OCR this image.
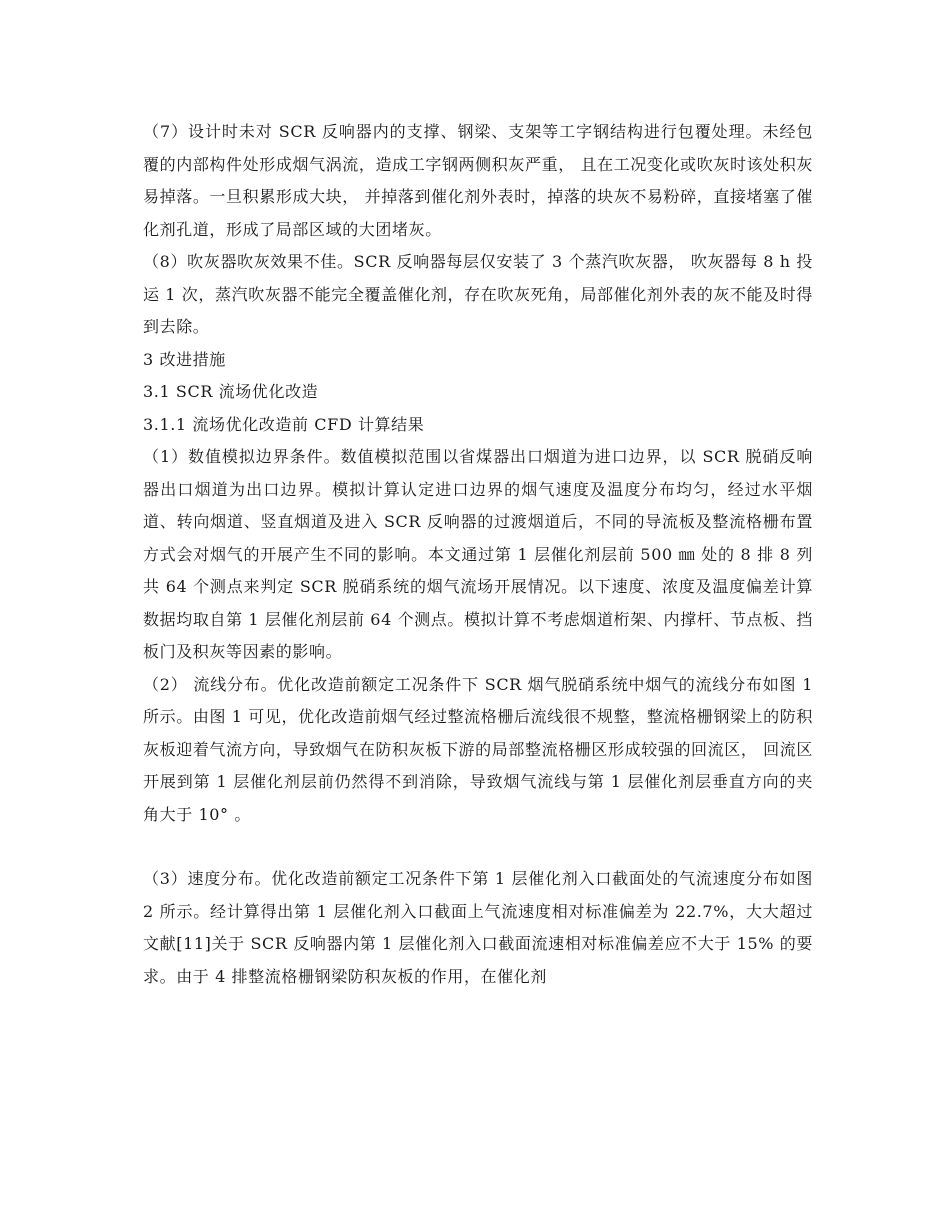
（7）设计时未对 SCR 反响器内的支撑、钢梁、支架等工字钢结构进行包覆处理。未经包覆的内部构件处形成烟气涡流，造成工字钢两侧积灰严重， 且在工况变化或吹灰时该处积灰易掉落。一旦积累形成大块， 并掉落到催化剂外表时，掉落的块灰不易粉碎，直接堵塞了催化剂孔道，形成了局部区域的大团堵灰。

（8）吹灰器吹灰效果不佳。SCR 反响器每层仅安装了 3 个蒸汽吹灰器， 吹灰器每 8 h 投运 1 次，蒸汽吹灰器不能完全覆盖催化剂，存在吹灰死角，局部催化剂外表的灰不能及时得到去除。

3 改进措施

3.1 SCR 流场优化改造

3.1.1 流场优化改造前 CFD 计算结果

（1）数值模拟边界条件。数值模拟范围以省煤器出口烟道为进口边界，以 SCR 脱硝反响器出口烟道为出口边界。模拟计算认定进口边界的烟气速度及温度分布均匀，经过水平烟道、转向烟道、竖直烟道及进入 SCR 反响器的过渡烟道后，不同的导流板及整流格栅布置方式会对烟气的开展产生不同的影响。本文通过第 1 层催化剂层前 500 ㎜ 处的 8 排 8 列共 64 个测点来判定 SCR 脱硝系统的烟气流场开展情况。以下速度、浓度及温度偏差计算数据均取自第 1 层催化剂层前 64 个测点。模拟计算不考虑烟道桁架、内撑杆、节点板、挡板门及积灰等因素的影响。

（2） 流线分布。优化改造前额定工况条件下 SCR 烟气脱硝系统中烟气的流线分布如图 1 所示。由图 1 可见，优化改造前烟气经过整流格栅后流线很不规整，整流格栅钢梁上的防积灰板迎着气流方向，导致烟气在防积灰板下游的局部整流格栅区形成较强的回流区， 回流区开展到第 1 层催化剂层前仍然得不到消除，导致烟气流线与第 1 层催化剂层垂直方向的夹角大于 10° 。

（3）速度分布。优化改造前额定工况条件下第 1 层催化剂入口截面处的气流速度分布如图 2 所示。经计算得出第 1 层催化剂入口截面上气流速度相对标准偏差为 22.7%，大大超过文献[11]关于 SCR 反响器内第 1 层催化剂入口截面流速相对标准偏差应不大于 15% 的要求。由于 4 排整流格栅钢梁防积灰板的作用，在催化剂
